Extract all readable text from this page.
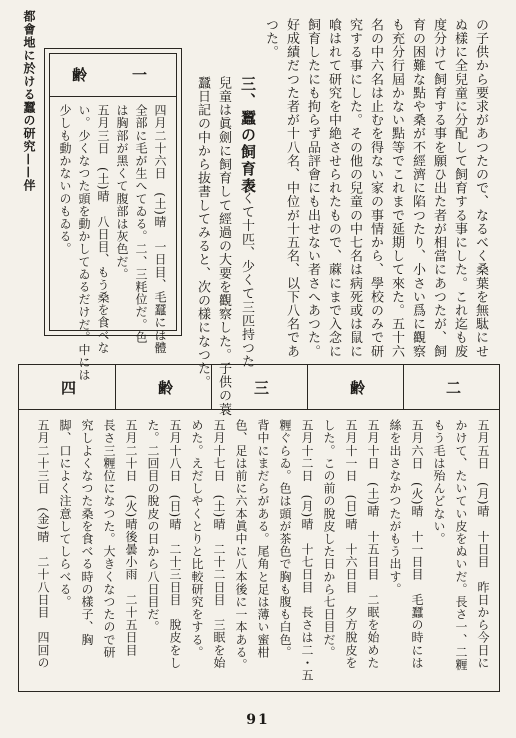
都會地に於ける蠶の研究——伴	の子供から要求があつたので、なるべく桑葉を無駄にせ
ぬ樣に全兒童に分配して飼育する事にした。これ迄も废
度分けて飼育する事を願ひ出た者が相當にあつたが、飼
育の困難な點や桑が不經濟に陷つたり、小さい爲に觀察
も充分行屆かない點等でこれまで延期して來た。五十六
名の中六名は止むを得ない家の事情から、學校のみで研
究する事にした。その他の兒童の中七名は病死或は鼠に
喰はれて研究を中絶させられたもので、蔴にまで入念に
飼育したにも拘らず品評會にも出せない者さへあつた。
好成績だつた者が十八名、中位が十五名、以下八名であ
つた。
三、蠶の飼育表
多くて十匹、少くて三匹持つた
兒童は眞劍に飼育して經過の大要を觀察した。子供の蓑
蠶日記の中から抜書してみると、次の樣になつた。
齢　　　一
四月二十六日　(土)晴　一日目、毛蠶には體
全部に毛が生へてゐる。二、三粍位だ。色
は胸部が黑くて腹部は灰色だ。
五月三日　(土)晴　八日目、もう桑を食べな
い。少くなつた頭を動かしてゐるだけだ。中には
少しも動かないのもゐる。
四	齢	三	齢	二
五月五日　(月)晴　十日目　昨日から今日に
かけて、たいてい皮をぬいだ。長さ一、二糎
もう毛は殆んどない。
五月六日　(火)晴　十一日目　毛蠶の時には
絲を出さなかつたがもう出す。
五月十日　(土)晴　十五日目　二眠を始めた
五月十一日　(日)晴　十六日目　夕方脫皮を
した。この前の脫皮した日から七日目だ。
五月十二日　(月)晴　十七日目　長さは二・五
糎ぐらゐ。色は頭が茶色で胸も腹も白色。
背中にまだらがある。尾角と足は薄い蜜柑
色、足は前に六本眞中に八本後に一本ある。
五月十七日　(土)晴　二十二日目　三眠を始
めた。えだしやくとりと比較研究をする。
五月十八日　(日)晴　二十三日目　脫皮をし
た。二回目の脫皮の日から八日目だ。
五月二十日　(火)晴後曇小雨　二十五日目
長さ三糎位になつた。大きくなつたので研
究しよくなつた桑を食べる時の樣子、胸
脚、口によく注意してしらべる。
五月二十三日　(金)晴　二十八日目　四回の
91
